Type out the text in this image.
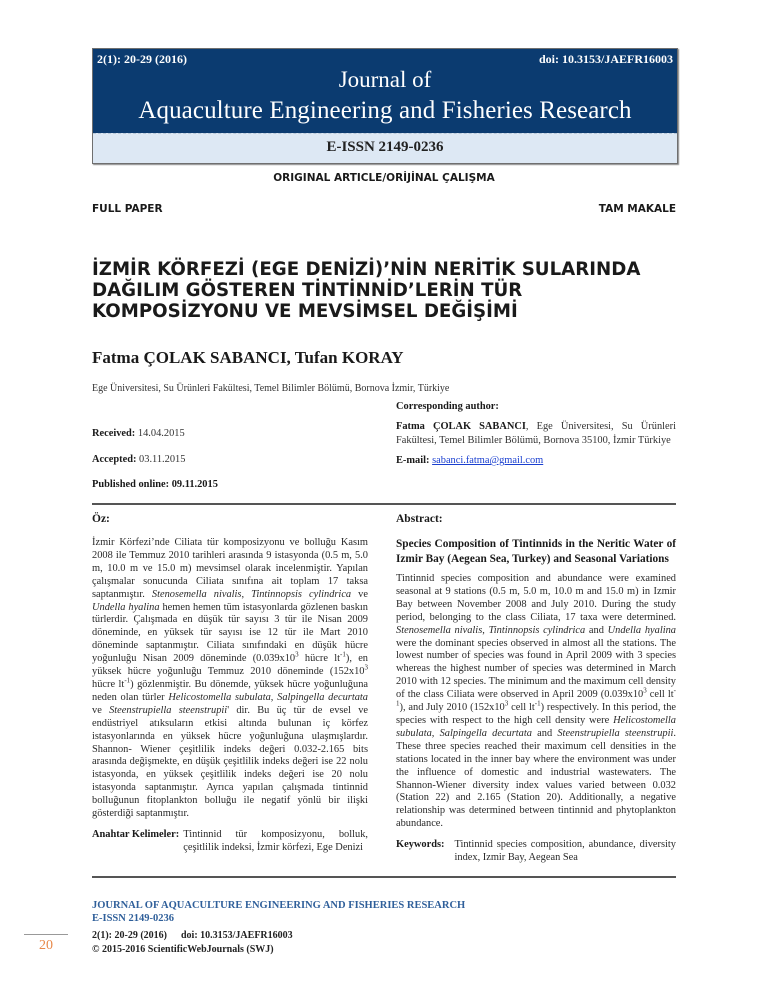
2(1): 20-29 (2016)	doi: 10.3153/JAEFR16003
Journal of
Aquaculture Engineering and Fisheries Research
E-ISSN 2149-0236
ORIGINAL ARTICLE/ORİJİNAL ÇALIŞMA
FULL PAPER	TAM MAKALE
İZMİR KÖRFEZİ (EGE DENİZİ)’NİN NERİTİK SULARINDA DAĞILIM GÖSTEREN TİNTİNNİD’LERİN TÜR KOMPOSİZYONU VE MEVSİMSEL DEĞİŞİMİ
Fatma ÇOLAK SABANCI, Tufan KORAY
Ege Üniversitesi, Su Ürünleri Fakültesi, Temel Bilimler Bölümü, Bornova İzmir, Türkiye
Received: 14.04.2015
Accepted: 03.11.2015
Published online: 09.11.2015
Corresponding author:
Fatma ÇOLAK SABANCI, Ege Üniversitesi, Su Ürünleri Fakültesi, Temel Bilimler Bölümü, Bornova 35100, İzmir Türkiye
E-mail: sabanci.fatma@gmail.com
Öz:
İzmir Körfezi’nde Ciliata tür komposizyonu ve bolluğu Kasım 2008 ile Temmuz 2010 tarihleri arasında 9 istasyonda (0.5 m, 5.0 m, 10.0 m ve 15.0 m) mevsimsel olarak incelenmiştir. Yapılan çalışmalar sonucunda Ciliata sınıfına ait toplam 17 taksa saptanmıştır. Stenosemella nivalis, Tintinnopsis cylindrica ve Undella hyalina hemen hemen tüm istasyonlarda gözlenen baskın türlerdir. Çalışmada en düşük tür sayısı 3 tür ile Nisan 2009 döneminde, en yüksek tür sayısı ise 12 tür ile Mart 2010 döneminde saptanmıştır. Ciliata sınıfındaki en düşük hücre yoğunluğu Nisan 2009 döneminde ($0.039x10^3$ hücre $lt^{-1}$), en yüksek hücre yoğunluğu Temmuz 2010 döneminde ($152x10^3$ hücre $lt^{-1}$) gözlenmiştir. Bu dönemde, yüksek hücre yoğunluğuna neden olan türler Helicostomella subulata, Salpingella decurtata ve Steenstrupiella steenstrupii' dir. Bu üç tür de evsel ve endüstriyel atıksuların etkisi altında bulunan iç körfez istasyonlarında en yüksek hücre yoğunluğuna ulaşmışlardır. Shannon- Wiener çeşitlilik indeks değeri 0.032-2.165 bits arasında değişmekte, en düşük çeşitlilik indeks değeri ise 22 nolu istasyonda, en yüksek çeşitlilik indeks değeri ise 20 nolu istasyonda saptanmıştır. Ayrıca yapılan çalışmada tintinnid bolluğunun fitoplankton bolluğu ile negatif yönlü bir ilişki gösterdiği saptanmıştır.
Anahtar Kelimeler: Tintinnid tür komposizyonu, bolluk, çeşitlilik indeksi, İzmir körfezi, Ege Denizi
Abstract:
Species Composition of Tintinnids in the Neritic Water of Izmir Bay (Aegean Sea, Turkey) and Seasonal Variations
Tintinnid species composition and abundance were examined seasonal at 9 stations (0.5 m, 5.0 m, 10.0 m and 15.0 m) in Izmir Bay between November 2008 and July 2010. During the study period, belonging to the class Ciliata, 17 taxa were determined. Stenosemella nivalis, Tintinnopsis cylindrica and Undella hyalina were the dominant species observed in almost all the stations. The lowest number of species was found in April 2009 with 3 species whereas the highest number of species was determined in March 2010 with 12 species. The minimum and the maximum cell density of the class Ciliata were observed in April 2009 ($0.039x10^3$ cell $lt^{-1}$), and July 2010 ($152x10^3$ cell $lt^{-1}$) respectively. In this period, the species with respect to the high cell density were Helicostomella subulata, Salpingella decurtata and Steenstrupiella steenstrupii. These three species reached their maximum cell densities in the stations located in the inner bay where the environment was under the influence of domestic and industrial wastewaters. The Shannon-Wiener diversity index values varied between 0.032 (Station 22) and 2.165 (Station 20). Additionally, a negative relationship was determined between tintinnid and phytoplankton abundance.
Keywords: Tintinnid species composition, abundance, diversity index, Izmir Bay, Aegean Sea
JOURNAL OF AQUACULTURE ENGINEERING AND FISHERIES RESEARCH
E-ISSN 2149-0236
2(1): 20-29 (2016) doi: 10.3153/JAEFR16003
© 2015-2016 ScientificWebJournals (SWJ)
20
